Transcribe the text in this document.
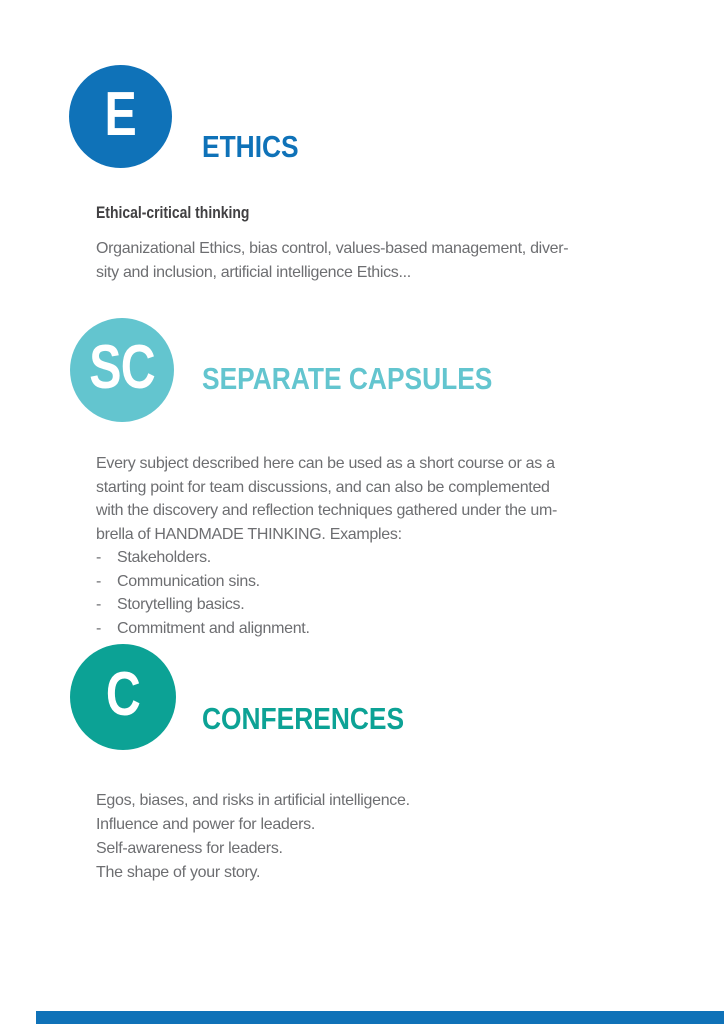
E ETHICS
Ethical-critical thinking
Organizational Ethics, bias control, values-based management, diver-
sity and inclusion, artificial intelligence Ethics...
SC SEPARATE CAPSULES
Every subject described here can be used as a short course or as a
starting point for team discussions, and can also be complemented
with the discovery and reflection techniques gathered under the um-
brella of HANDMADE THINKING. Examples:
- Stakeholders.
- Communication sins.
- Storytelling basics.
- Commitment and alignment.
C CONFERENCES
Egos, biases, and risks in artificial intelligence.
Influence and power for leaders.
Self-awareness for leaders.
The shape of your story.
